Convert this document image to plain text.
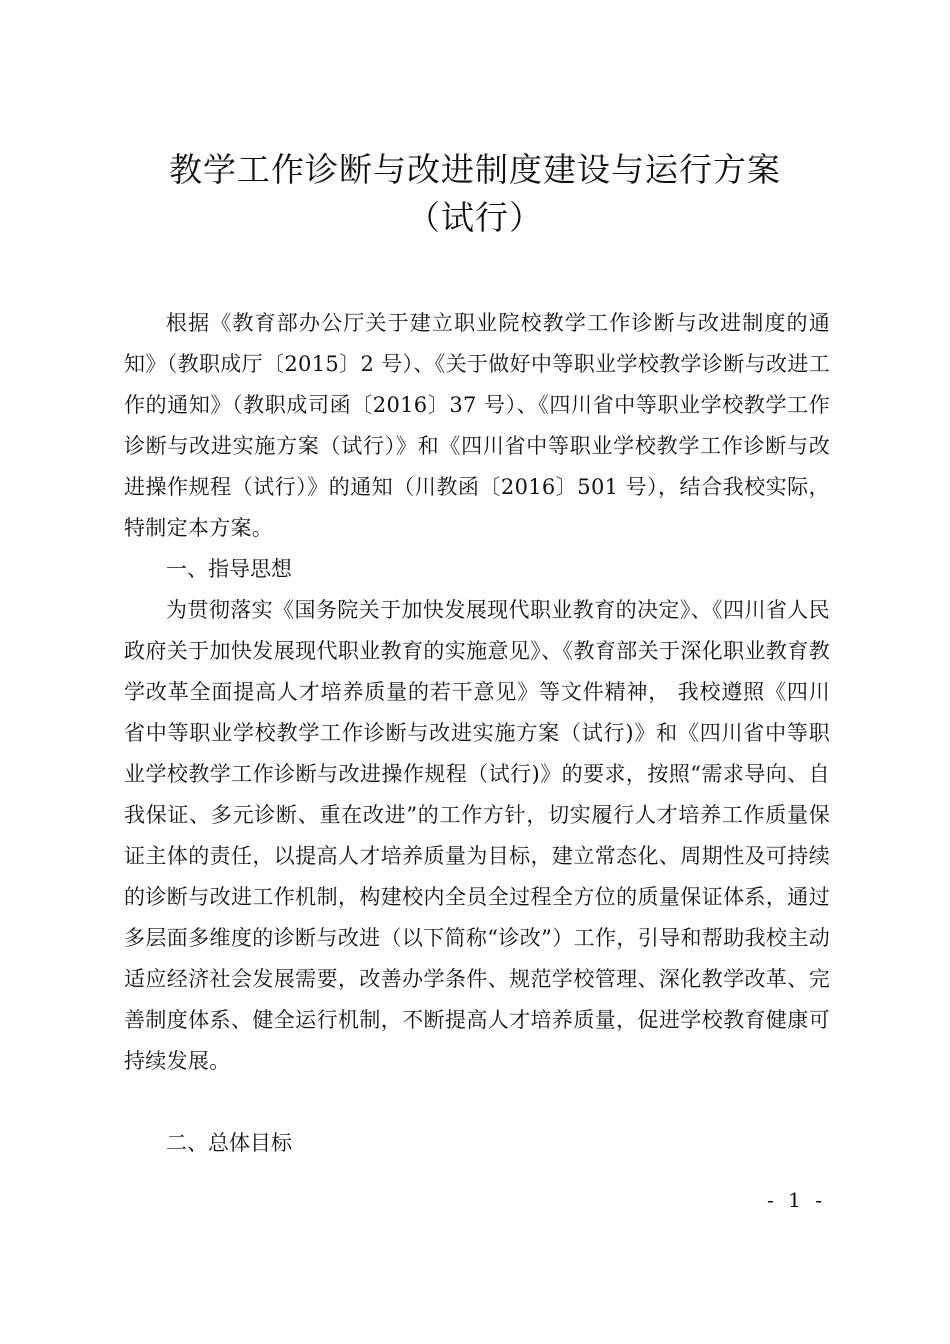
教学工作诊断与改进制度建设与运行方案
（试行）

根据《教育部办公厅关于建立职业院校教学工作诊断与改进制度的通知》（教职成厅〔2015〕2 号）、《关于做好中等职业学校教学诊断与改进工作的通知》（教职成司函〔2016〕37 号）、《四川省中等职业学校教学工作诊断与改进实施方案（试行）》和《四川省中等职业学校教学工作诊断与改进操作规程（试行）》的通知（川教函〔2016〕501 号），结合我校实际，特制定本方案。

一、指导思想

为贯彻落实《国务院关于加快发展现代职业教育的决定》、《四川省人民政府关于加快发展现代职业教育的实施意见》、《教育部关于深化职业教育教学改革全面提高人才培养质量的若干意见》等文件精神， 我校遵照《四川省中等职业学校教学工作诊断与改进实施方案（试行)》和《四川省中等职业学校教学工作诊断与改进操作规程（试行)》的要求，按照“需求导向、自我保证、多元诊断、重在改进”的工作方针，切实履行人才培养工作质量保证主体的责任，以提高人才培养质量为目标，建立常态化、周期性及可持续的诊断与改进工作机制，构建校内全员全过程全方位的质量保证体系，通过多层面多维度的诊断与改进（以下简称“诊改”）工作，引导和帮助我校主动适应经济社会发展需要，改善办学条件、规范学校管理、深化教学改革、完善制度体系、健全运行机制，不断提高人才培养质量，促进学校教育健康可持续发展。

二、总体目标

- 1 -
